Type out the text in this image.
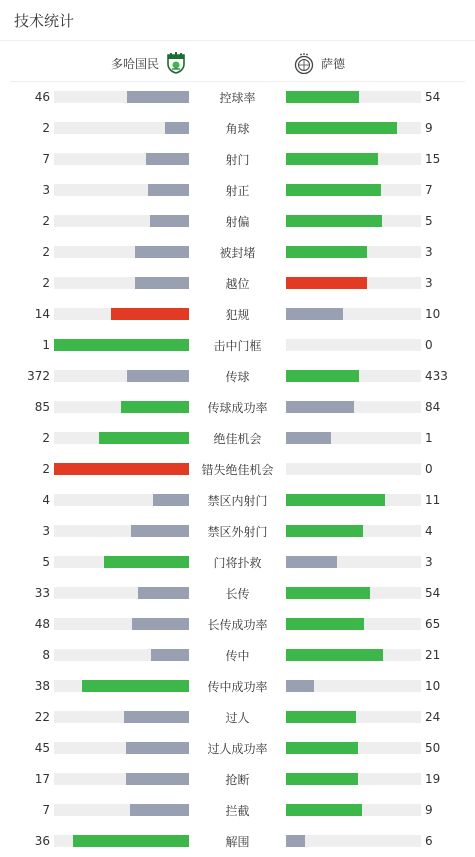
技术统计
多哈国民	萨德
46	控球率	54
2	角球	9
7	射门	15
3	射正	7
2	射偏	5
2	被封堵	3
2	越位	3
14	犯规	10
1	击中门框	0
372	传球	433
85	传球成功率	84
2	绝佳机会	1
2	错失绝佳机会	0
4	禁区内射门	11
3	禁区外射门	4
5	门将扑救	3
33	长传	54
48	长传成功率	65
8	传中	21
38	传中成功率	10
22	过人	24
45	过人成功率	50
17	抢断	19
7	拦截	9
36	解围	6
